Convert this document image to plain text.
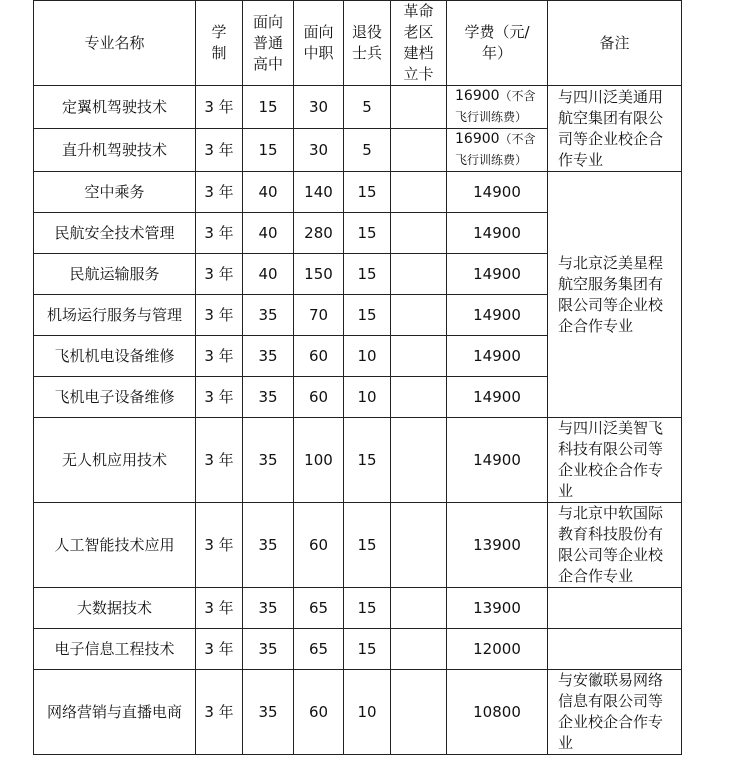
专业名称	学制	面向普通高中	面向中职	退役士兵	革命老区建档立卡	学费（元/年）	备注
定翼机驾驶技术	3 年	15	30	5		16900（不含飞行训练费）	与四川泛美通用航空集团有限公司等企业校企合作专业
直升机驾驶技术	3 年	15	30	5		16900（不含飞行训练费）	
空中乘务	3 年	40	140	15		14900	与北京泛美星程航空服务集团有限公司等企业校企合作专业
民航安全技术管理	3 年	40	280	15		14900	
民航运输服务	3 年	40	150	15		14900	
机场运行服务与管理	3 年	35	70	15		14900	
飞机机电设备维修	3 年	35	60	10		14900	
飞机电子设备维修	3 年	35	60	10		14900	
无人机应用技术	3 年	35	100	15		14900	与四川泛美智飞科技有限公司等企业校企合作专业
人工智能技术应用	3 年	35	60	15		13900	与北京中软国际教育科技股份有限公司等企业校企合作专业
大数据技术	3 年	35	65	15		13900	
电子信息工程技术	3 年	35	65	15		12000	
网络营销与直播电商	3 年	35	60	10		10800	与安徽联易网络信息有限公司等企业校企合作专业
